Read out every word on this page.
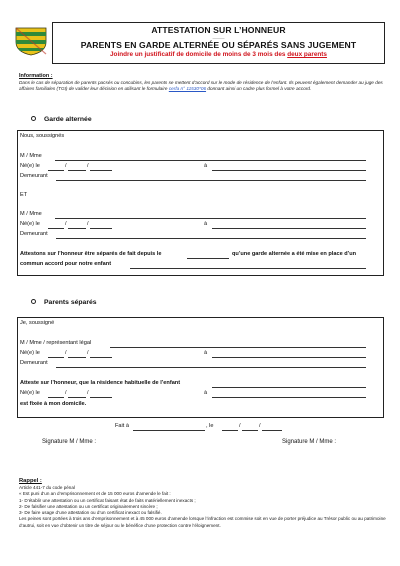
ATTESTATION SUR L’HONNEUR
———
PARENTS EN GARDE ALTERNÉE OU SÉPARÉS SANS JUGEMENT
Joindre un justificatif de domicile de moins de 3 mois des deux parents
Information :
Dans le cas de séparation de parents pacsés ou concubins, les parents se mettent d’accord sur le mode de résidence de l’enfant. Ils peuvent également demander au juge des affaires familiales (TGI) de valider leur décision en utilisant le formulaire cerfa n° 11530*06 donnant ainsi un cadre plus formel à votre accord.
Garde alternée
Nous, soussignés
M / Mme
Né(e) le	/	/	à
Demeurant
ET
M / Mme
Né(e) le	/	/	à
Demeurant
Attestons sur l’honneur être séparés de fait depuis le	qu’une garde alternée a été mise en place d’un
commun accord pour notre enfant
Parents séparés
Je, soussigné
M / Mme / représentant légal
Né(e) le	/	/	à
Demeurant
Atteste sur l’honneur, que la résidence habituelle de l’enfant
Né(e) le	/	/	à
est fixée à mon domicile.
Fait à	, le	/	/
Signature M / Mme :	Signature M / Mme :
Rappel :
Article 441-7 du code pénal
« Est puni d’un an d’emprisonnement et de 15 000 euros d’amende le fait :
1- D’établir une attestation ou un certificat faisant état de faits matériellement inexacts ;
2- De falsifier une attestation ou un certificat originairement sincère ;
3- De faire usage d’une attestation ou d’un certificat inexact ou falsifié.
Les peines sont portées à trois ans d’emprisonnement et à 45 000 euros d’amende lorsque l’infraction est commise soit en vue de porter préjudice au Trésor public ou au patrimoine d’autrui, soit en vue d’obtenir un titre de séjour ou le bénéfice d’une protection contre l’éloignement.
